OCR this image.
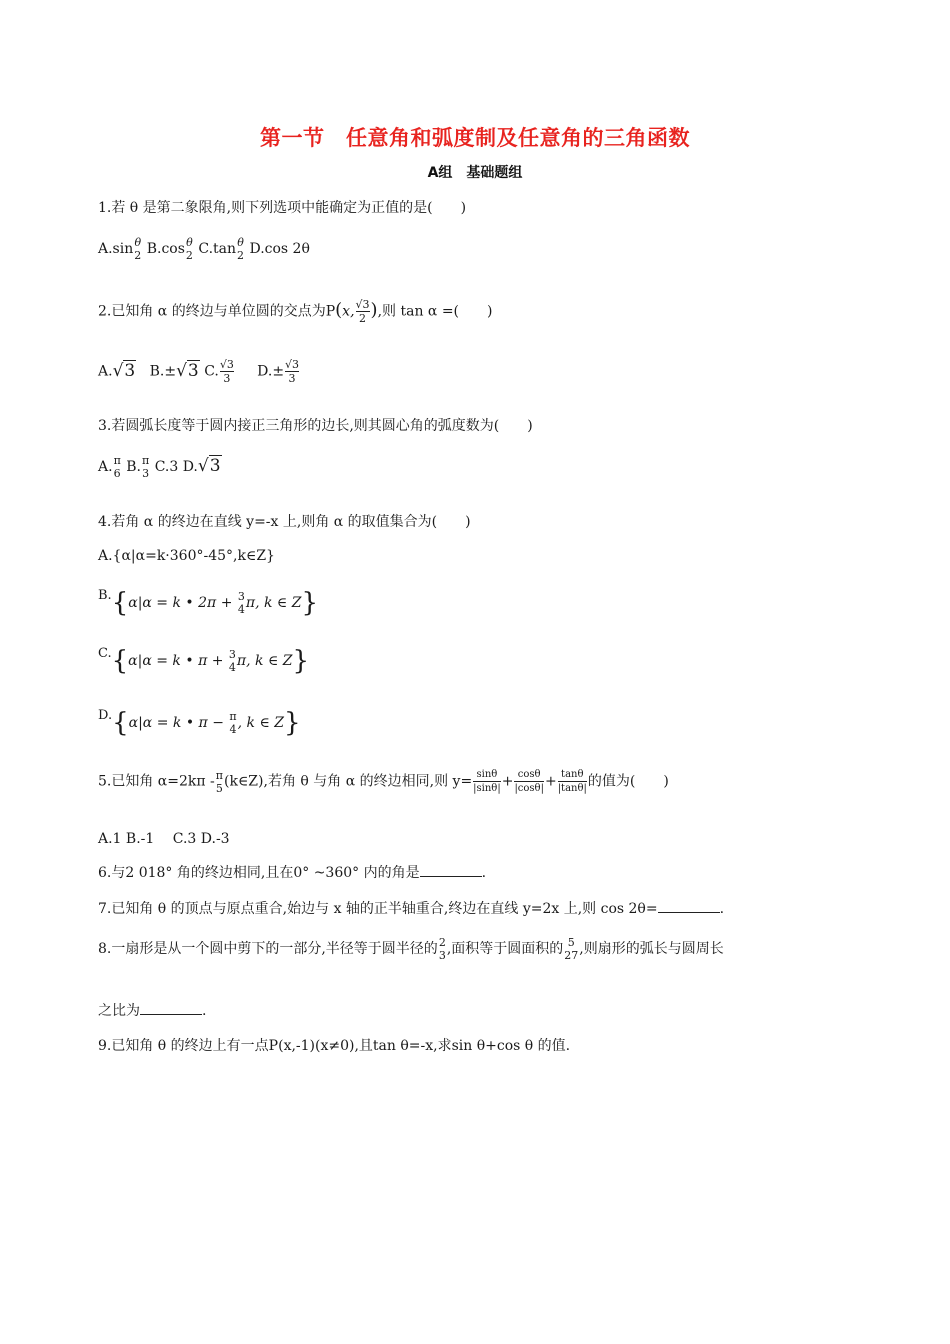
第一节　任意角和弧度制及任意角的三角函数
A组　基础题组
1.若 θ 是第二象限角,则下列选项中能确定为正值的是(　　)
A.sin θ
2 B.cos θ
2 C.tan θ
2 D.cos 2θ
2.已知角 α 的终边与单位圆的交点为P(x, $\frac{√3}{2}$ ),则 tan α =(　　)
A.√3 B.±√3 C. $\frac{√3}{3} D.\pm \frac{√3}{3}$
3.若圆弧长度等于圆内接正三角形的边长,则其圆心角的弧度数为(　　)
A. π
6 B. π
3 C.3 D.√3
4.若角 α 的终边在直线 y=-x 上,则角 α 的取值集合为(　　)
A.{α|α=k·360°-45°,k∈Z}
B.{α|α = k • 2π + 3
4 π, k ∈ Z}
C.{α|α = k • π + 3
4 π, k ∈ Z}
D.{α|α = k • π − π
4 , k ∈ Z}
5.已知角 α=2kπ - π
5 (k∈Z),若角 θ 与角 α 的终边相同,则 $y= \frac{\sin\theta}{|\sin\theta|} + \frac{\cos\theta}{|\cos\theta|} + \frac{\tan\theta}{|\tan\theta|}$ 的值为(　　)
A.1 B.-1　 C.3 D.-3
6.与2 018° 角的终边相同,且在0° ~360° 内的角是	.
7.已知角 θ 的顶点与原点重合,始边与 x 轴的正半轴重合,终边在直线 y=2x 上,则 cos 2θ=	.
8.一扇形是从一个圆中剪下的一部分,半径等于圆半径的 2
3 ,面积等于圆面积的 5
27 ,则扇形的弧长与圆周长
之比为	.
9.已知角 θ 的终边上有一点P(x,-1)(x≠0),且tan θ=-x,求sin θ+cos θ 的值.
